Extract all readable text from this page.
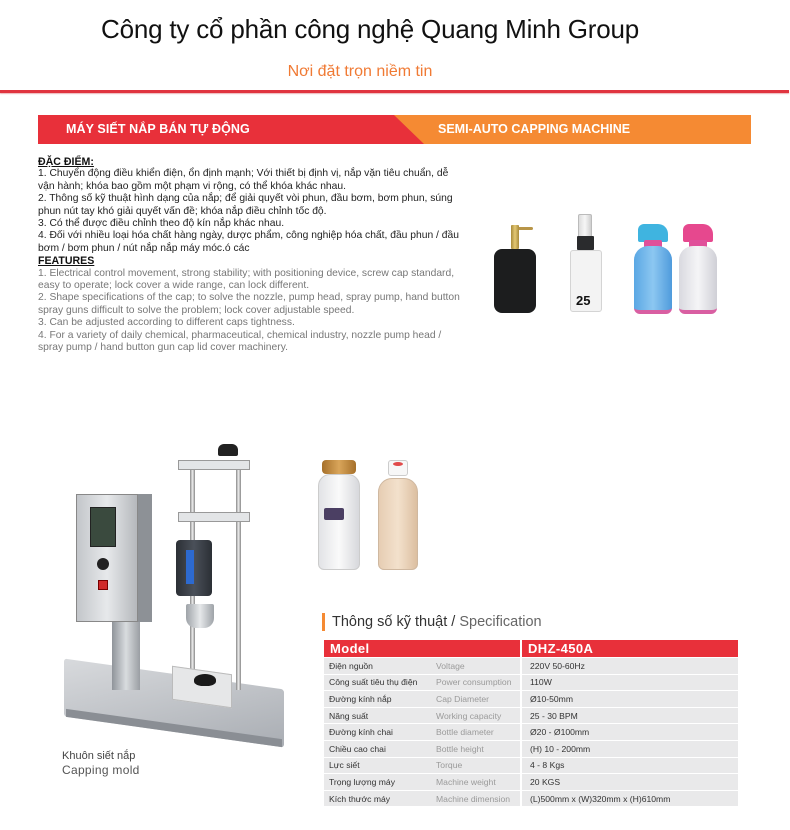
Công ty cổ phần công nghệ Quang Minh Group
Nơi đặt trọn niềm tin
MÁY SIẾT NẮP BÁN TỰ ĐỘNG	SEMI-AUTO CAPPING MACHINE
ĐẶC ĐIỂM:
1. Chuyển động điều khiển điện, ổn định mạnh; Với thiết bị định vị, nắp vặn tiêu chuẩn, dễ vận hành; khóa bao gồm một phạm vi rộng, có thể khóa khác nhau.
2. Thông số kỹ thuật hình dạng của nắp; để giải quyết vòi phun, đầu bơm, bơm phun, súng phun nút tay khó giải quyết vấn đề; khóa nắp điều chỉnh tốc độ.
3. Có thể được điều chỉnh theo độ kín nắp khác nhau.
4. Đối với nhiều loại hóa chất hàng ngày, dược phẩm, công nghiệp hóa chất, đầu phun / đầu bơm / bơm phun / nút nắp nắp máy móc.ó các
FEATURES
1. Electrical control movement, strong stability; with positioning device, screw cap standard, easy to operate; lock cover a wide range, can lock different.
2. Shape specifications of the cap; to solve the nozzle, pump head, spray pump, hand button spray guns difficult to solve the problem; lock cover adjustable speed.
3. Can be adjusted according to different caps tightness.
4. For a variety of daily chemical, pharmaceutical, chemical industry, nozzle pump head / spray pump / hand button gun cap lid cover machinery.
25
Khuôn siết nắp
Capping mold
Thông số kỹ thuật / Specification
Model		DHZ-450A
Điện nguồn	Voltage	220V 50-60Hz
Công suất tiêu thụ điện	Power consumption	110W
Đường kính nắp	Cap Diameter	Ø10-50mm
Năng suất	Working capacity	25 - 30 BPM
Đường kính chai	Bottle diameter	Ø20 - Ø100mm
Chiều cao chai	Bottle height	(H) 10 - 200mm
Lực siết	Torque	4 - 8 Kgs
Trọng lượng máy	Machine weight	20 KGS
Kích thước máy	Machine dimension	(L)500mm x (W)320mm x (H)610mm
